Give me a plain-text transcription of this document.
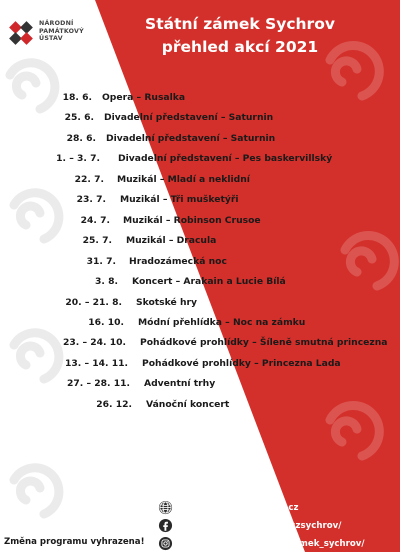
NÁRODNÍ
PAMÁTKOVÝ
ÚSTAV
Státní zámek Sychrov
přehled akcí 2021
18. 6. Opera – Rusalka
25. 6. Divadelní představení – Saturnin
28. 6. Divadelní představení – Saturnin
1. – 3. 7. Divadelní představení – Pes baskervillský
22. 7. Muzikál – Mladí a neklidní
23. 7. Muzikál – Tři mušketýři
24. 7. Muzikál – Robinson Crusoe
25. 7. Muzikál – Dracula
31. 7. Hradozámecká noc
3. 8. Koncert – Arakain a Lucie Bílá
20. – 21. 8. Skotské hry
16. 10. Módní přehlídka – Noc na zámku
23. – 24. 10. Pohádkové prohlídky – Šíleně smutná princezna
13. – 14. 11. Pohádkové prohlídky – Princezna Lada
27. – 28. 11. Adventní trhy
26. 12. Vánoční koncert
www.zamek–sychrov.cz
www.FACEBOOK.com/szsychrov/
www.instagram.com/zamek_sychrov/
Změna programu vyhrazena!
